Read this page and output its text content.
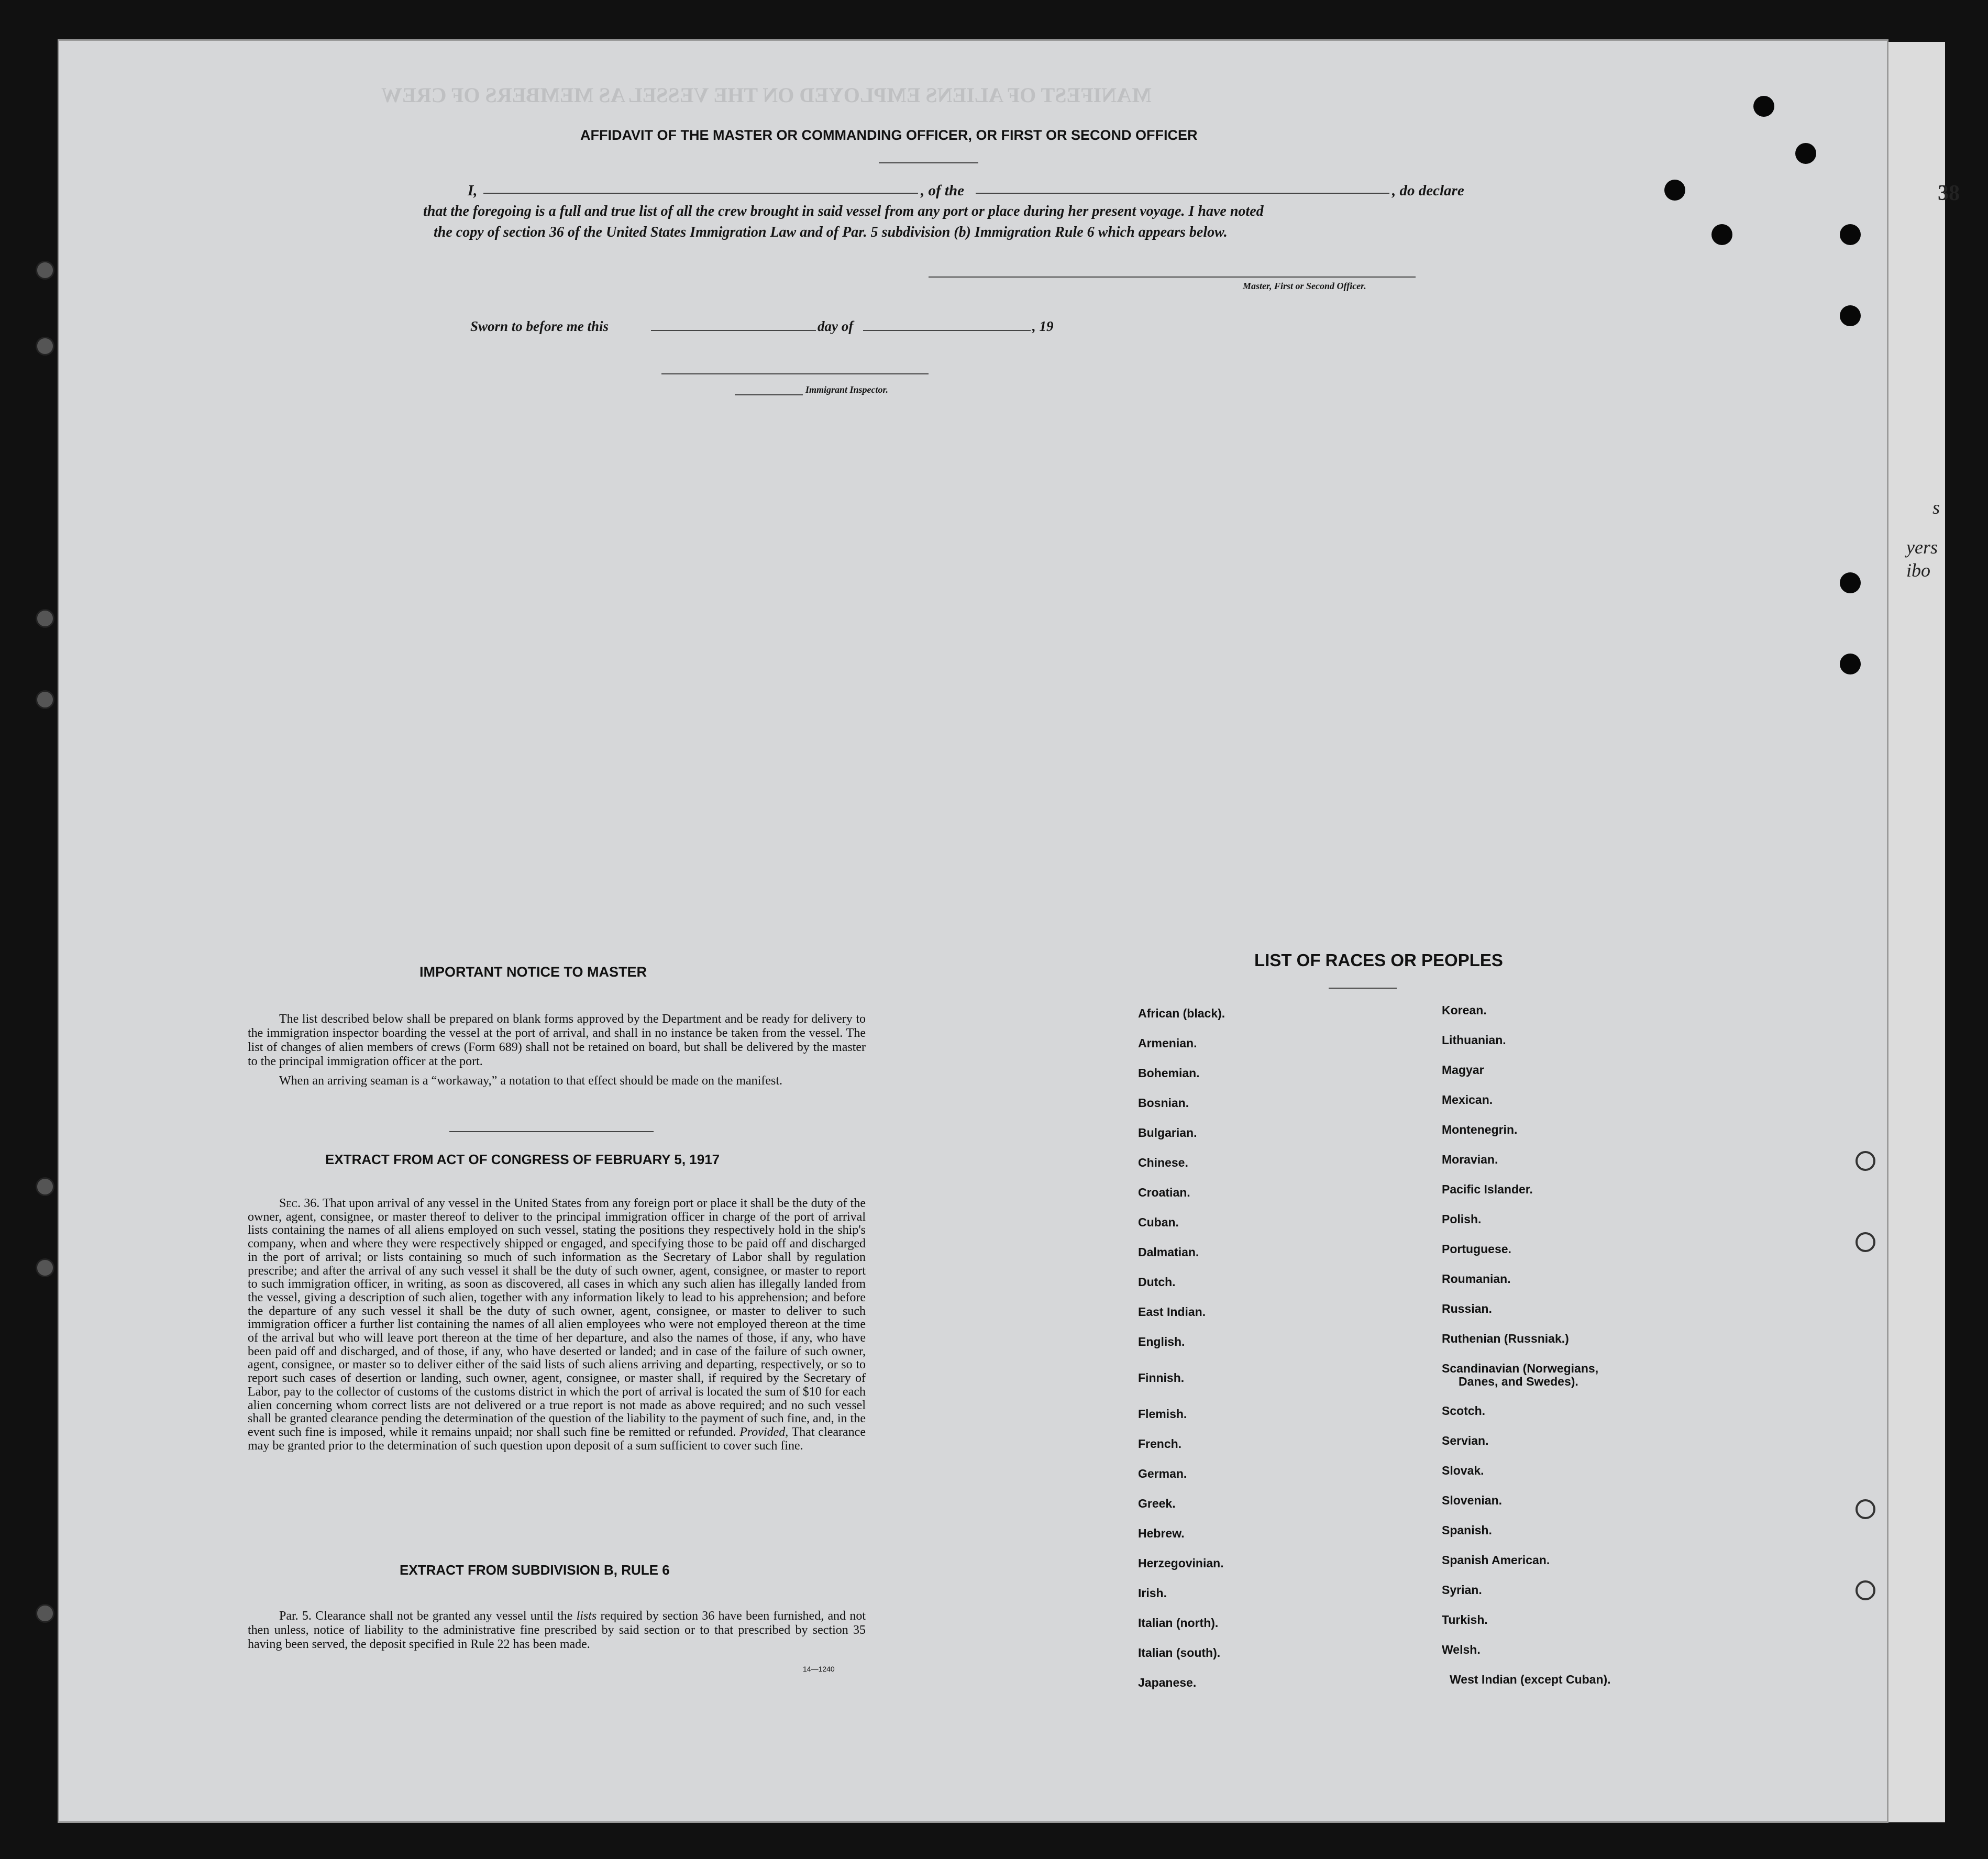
38
s
yers
ibo
MANIFEST OF ALIENS EMPLOYED ON THE VESSEL AS MEMBERS OF CREW
AFFIDAVIT OF THE MASTER OR COMMANDING OFFICER, OR FIRST OR SECOND OFFICER
I,	, of the	, do declare
that the foregoing is a full and true list of all the crew brought in said vessel from any port or place during her present voyage. I have noted
the copy of section 36 of the United States Immigration Law and of Par. 5 subdivision (b) Immigration Rule 6 which appears below.
Master, First or Second Officer.
Sworn to before me this	day of	, 19
Immigrant Inspector.
IMPORTANT NOTICE TO MASTER

The list described below shall be prepared on blank forms approved by the Department and be ready for delivery to the immigration inspector boarding the vessel at the port of arrival, and shall in no instance be taken from the vessel. The list of changes of alien members of crews (Form 689) shall not be retained on board, but shall be delivered by the master to the principal immigration officer at the port.

When an arriving seaman is a “workaway,” a notation to that effect should be made on the manifest.

EXTRACT FROM ACT OF CONGRESS OF FEBRUARY 5, 1917

Sec. 36. That upon arrival of any vessel in the United States from any foreign port or place it shall be the duty of the owner, agent, consignee, or master thereof to deliver to the principal immigration officer in charge of the port of arrival lists containing the names of all aliens employed on such vessel, stating the positions they respectively hold in the ship's company, when and where they were respectively shipped or engaged, and specifying those to be paid off and discharged in the port of arrival; or lists containing so much of such information as the Secretary of Labor shall by regulation prescribe; and after the arrival of any such vessel it shall be the duty of such owner, agent, consignee, or master to report to such immigration officer, in writing, as soon as discovered, all cases in which any such alien has illegally landed from the vessel, giving a description of such alien, together with any information likely to lead to his apprehension; and before the departure of any such vessel it shall be the duty of such owner, agent, consignee, or master to deliver to such immigration officer a further list containing the names of all alien employees who were not employed thereon at the time of the arrival but who will leave port thereon at the time of her departure, and also the names of those, if any, who have been paid off and discharged, and of those, if any, who have deserted or landed; and in case of the failure of such owner, agent, consignee, or master so to deliver either of the said lists of such aliens arriving and departing, respectively, or so to report such cases of desertion or landing, such owner, agent, consignee, or master shall, if required by the Secretary of Labor, pay to the collector of customs of the customs district in which the port of arrival is located the sum of $10 for each alien concerning whom correct lists are not delivered or a true report is not made as above required; and no such vessel shall be granted clearance pending the determination of the question of the liability to the payment of such fine, and, in the event such fine is imposed, while it remains unpaid; nor shall such fine be remitted or refunded. Provided, That clearance may be granted prior to the determination of such question upon deposit of a sum sufficient to cover such fine.

EXTRACT FROM SUBDIVISION B, RULE 6

Par. 5. Clearance shall not be granted any vessel until the lists required by section 36 have been furnished, and not then unless, notice of liability to the administrative fine prescribed by said section or to that prescribed by section 35 having been served, the deposit specified in Rule 22 has been made.

14—1240
LIST OF RACES OR PEOPLES
African (black).
Armenian.
Bohemian.
Bosnian.
Bulgarian.
Chinese.
Croatian.
Cuban.
Dalmatian.
Dutch.
East Indian.
English.
Finnish.
Flemish.
French.
German.
Greek.
Hebrew.
Herzegovinian.
Irish.
Italian (north).
Italian (south).
Japanese.
Korean.
Lithuanian.
Magyar
Mexican.
Montenegrin.
Moravian.
Pacific Islander.
Polish.
Portuguese.
Roumanian.
Russian.
Ruthenian (Russniak.)
Scandinavian (Norwegians,
Danes, and Swedes).
Scotch.
Servian.
Slovak.
Slovenian.
Spanish.
Spanish American.
Syrian.
Turkish.
Welsh.
West Indian (except Cuban).
